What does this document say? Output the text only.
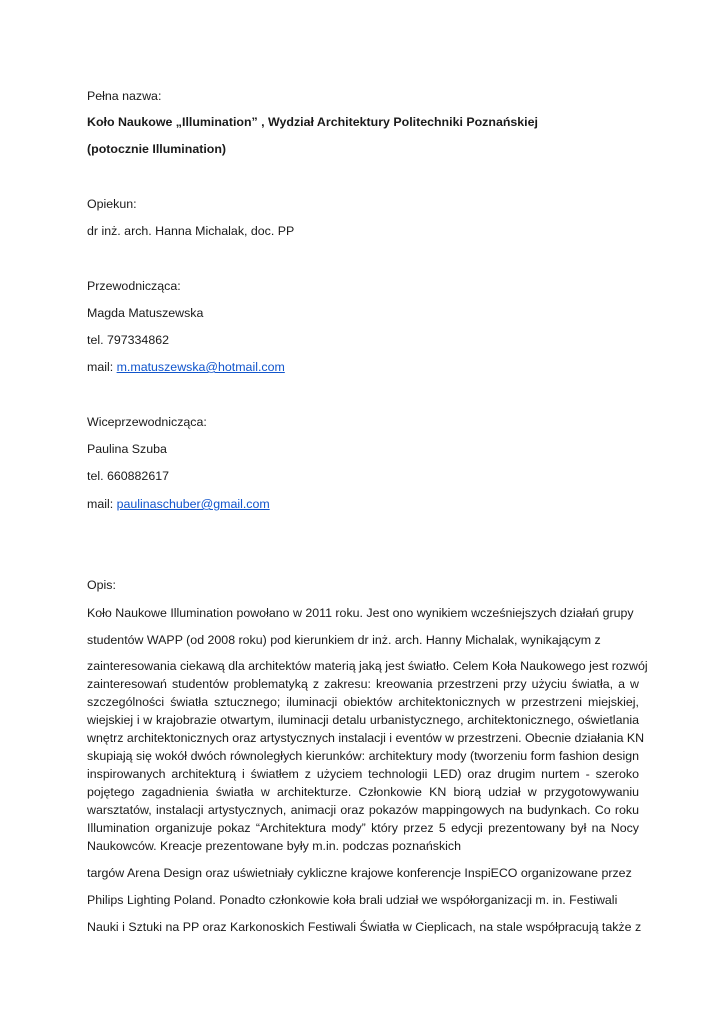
Pełna nazwa:
Koło Naukowe „Illumination” , Wydział Architektury Politechniki Poznańskiej
(potocznie Illumination)
Opiekun:
dr inż. arch. Hanna Michalak, doc. PP
Przewodnicząca:
Magda Matuszewska
tel. 797334862
mail: m.matuszewska@hotmail.com
Wiceprzewodnicząca:
Paulina Szuba
tel. 660882617
mail: paulinaschuber@gmail.com
Opis:
Koło Naukowe Illumination powołano w 2011 roku. Jest ono wynikiem wcześniejszych działań grupy
studentów WAPP (od 2008 roku) pod kierunkiem dr inż. arch. Hanny Michalak, wynikającym z
zainteresowania ciekawą dla architektów materią jaką jest światło. Celem Koła Naukowego jest rozwój
zainteresowań studentów problematyką z zakresu: kreowania przestrzeni przy użyciu światła, a w
szczególności światła sztucznego; iluminacji obiektów architektonicznych w przestrzeni miejskiej,
wiejskiej i w krajobrazie otwartym, iluminacji detalu urbanistycznego, architektonicznego, oświetlania
wnętrz architektonicznych oraz artystycznych instalacji i eventów w przestrzeni. Obecnie działania KN
skupiają się wokół dwóch równoległych kierunków: architektury mody (tworzeniu form fashion design
inspirowanych architekturą i światłem z użyciem technologii LED) oraz drugim nurtem - szeroko
pojętego zagadnienia światła w architekturze. Członkowie KN biorą udział w przygotowywaniu
warsztatów, instalacji artystycznych, animacji oraz pokazów mappingowych na budynkach. Co roku
Illumination organizuje pokaz “Architektura mody” który przez 5 edycji prezentowany był na Nocy
Naukowców. Kreacje prezentowane były m.in. podczas poznańskich
targów Arena Design oraz uświetniały cykliczne krajowe konferencje InspiECO organizowane przez
Philips Lighting Poland. Ponadto członkowie koła brali udział we współorganizacji m. in. Festiwali
Nauki i Sztuki na PP oraz Karkonoskich Festiwali Światła w Cieplicach, na stale współpracują także z
